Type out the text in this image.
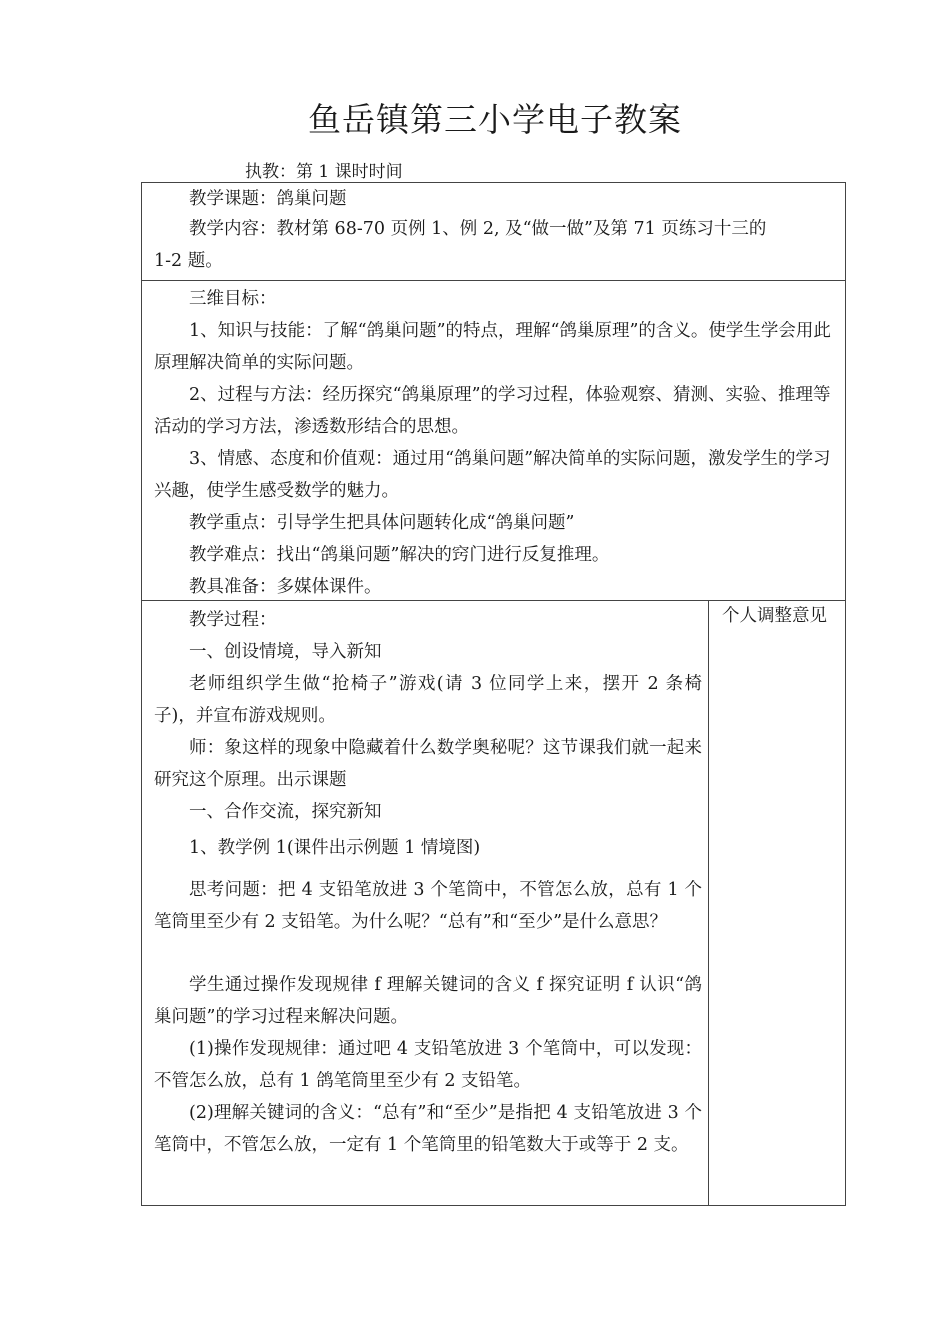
鱼岳镇第三小学电子教案
执教：第 1 课时时间

教学课题：鸽巢问题

教学内容：教材第 68-70 页例 1、例 2, 及“做一做”及第 71 页练习十三的

1-2 题。

三维目标：

1、知识与技能：了解“鸽巢问题”的特点，理解“鸽巢原理”的含义。使学生学会用此原理解决简单的实际问题。

2、过程与方法：经历探究“鸽巢原理”的学习过程，体验观察、猜测、实验、推理等活动的学习方法，渗透数形结合的思想。

3、情感、态度和价值观：通过用“鸽巢问题”解决简单的实际问题，激发学生的学习兴趣，使学生感受数学的魅力。

教学重点：引导学生把具体问题转化成“鸽巢问题”

教学难点：找出“鸽巢问题”解决的窍门进行反复推理。

教具准备：多媒体课件。

教学过程：

一、创设情境，导入新知

老师组织学生做“抢椅子”游戏(请 3 位同学上来，摆开 2 条椅子)，并宣布游戏规则。

师：象这样的现象中隐藏着什么数学奥秘呢？这节课我们就一起来研究这个原理。出示课题

一、合作交流，探究新知

1、教学例 1(课件出示例题 1 情境图)

思考问题：把 4 支铅笔放进 3 个笔筒中，不管怎么放，总有 1 个笔筒里至少有 2 支铅笔。为什么呢？“总有”和“至少”是什么意思？

学生通过操作发现规律 f 理解关键词的含义 f 探究证明 f 认识“鸽巢问题”的学习过程来解决问题。

(1)操作发现规律：通过吧 4 支铅笔放进 3 个笔筒中，可以发现：不管怎么放，总有 1 鸽笔筒里至少有 2 支铅笔。

(2)理解关键词的含义：“总有”和“至少”是指把 4 支铅笔放进 3 个笔筒中，不管怎么放，一定有 1 个笔筒里的铅笔数大于或等于 2 支。

个人调整意见
